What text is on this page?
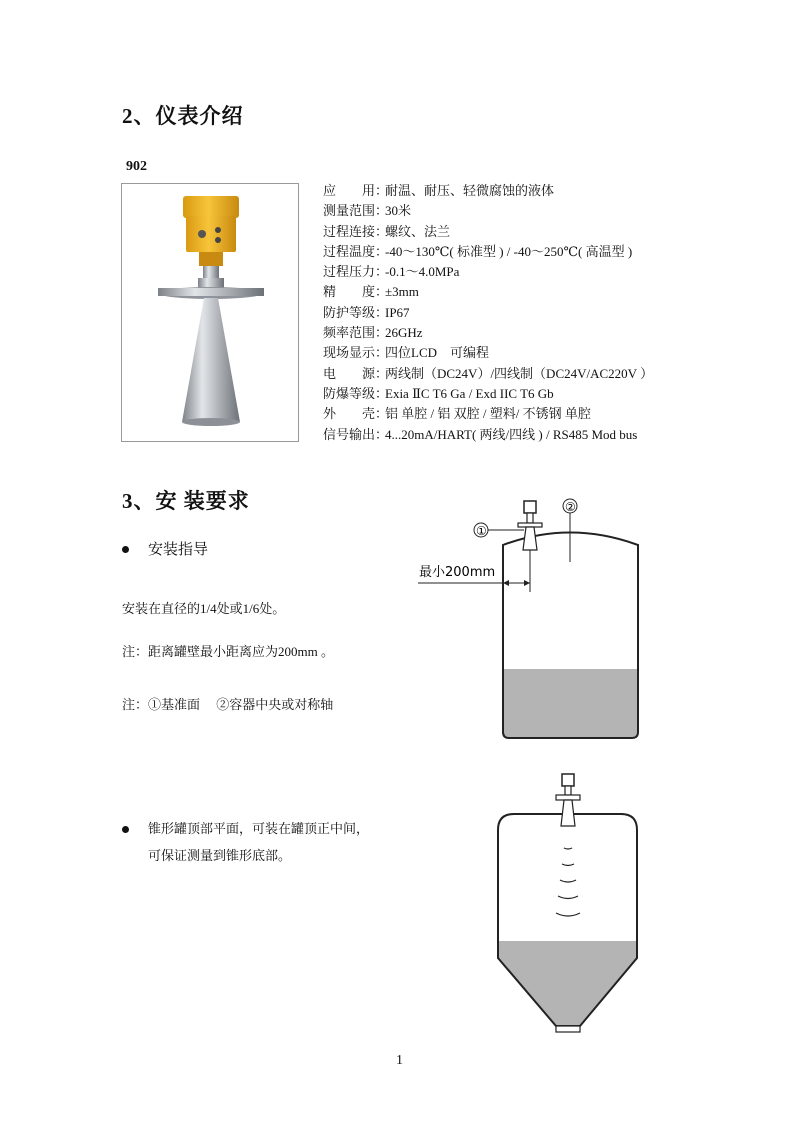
2、仪表介绍
902
应　　用：耐温、耐压、轻微腐蚀的液体
测量范围：30米
过程连接：螺纹、法兰
过程温度：-40～130℃( 标准型 ) / -40～250℃( 高温型 )
过程压力：-0.1～4.0MPa
精　　度：±3mm
防护等级：IP67
频率范围：26GHz
现场显示：四位LCD　可编程
电　　源：两线制（DC24V）/四线制（DC24V/AC220V ）
防爆等级：Exia ⅡC T6 Ga / Exd IIC T6 Gb
外　　壳：铝 单腔 / 铝 双腔 / 塑料/ 不锈钢 单腔
信号输出：4...20mA/HART( 两线/四线 ) / RS485 Mod bus
3、安 装要求
安装指导
安装在直径的1/4处或1/6处。
注：距离罐壁最小距离应为200mm 。
注：①基准面　 ②容器中央或对称轴
①
②
最小200mm
锥形罐顶部平面，可装在罐顶正中间，
可保证测量到锥形底部。
1
